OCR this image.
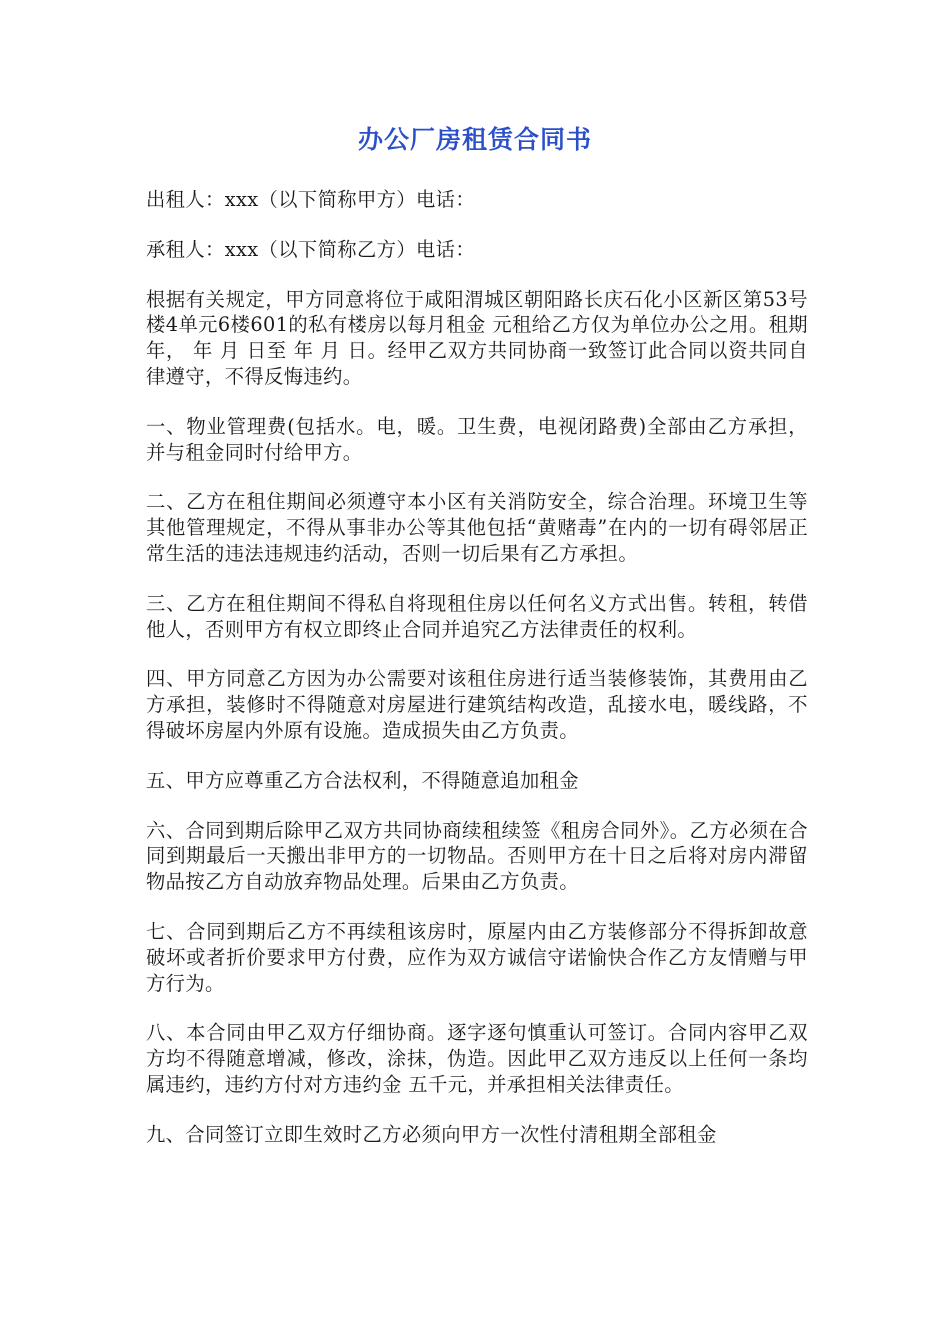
办公厂房租赁合同书

出租人：xxx（以下简称甲方）电话：

承租人：xxx（以下简称乙方）电话：

根据有关规定，甲方同意将位于咸阳渭城区朝阳路长庆石化小区新区第53号楼4单元6楼601的私有楼房以每月租金 元租给乙方仅为单位办公之用。租期 年， 年 月 日至 年 月 日。经甲乙双方共同协商一致签订此合同以资共同自律遵守，不得反悔违约。

一、物业管理费(包括水。电，暖。卫生费，电视闭路费)全部由乙方承担，并与租金同时付给甲方。

二、乙方在租住期间必须遵守本小区有关消防安全，综合治理。环境卫生等其他管理规定，不得从事非办公等其他包括“黄赌毒”在内的一切有碍邻居正常生活的违法违规违约活动，否则一切后果有乙方承担。

三、乙方在租住期间不得私自将现租住房以任何名义方式出售。转租，转借他人，否则甲方有权立即终止合同并追究乙方法律责任的权利。

四、甲方同意乙方因为办公需要对该租住房进行适当装修装饰，其费用由乙方承担，装修时不得随意对房屋进行建筑结构改造，乱接水电，暖线路，不得破坏房屋内外原有设施。造成损失由乙方负责。

五、甲方应尊重乙方合法权利，不得随意追加租金

六、合同到期后除甲乙双方共同协商续租续签《租房合同外》。乙方必须在合同到期最后一天搬出非甲方的一切物品。否则甲方在十日之后将对房内滞留物品按乙方自动放弃物品处理。后果由乙方负责。

七、合同到期后乙方不再续租该房时，原屋内由乙方装修部分不得拆卸故意破坏或者折价要求甲方付费，应作为双方诚信守诺愉快合作乙方友情赠与甲方行为。

八、本合同由甲乙双方仔细协商。逐字逐句慎重认可签订。合同内容甲乙双方均不得随意增减，修改，涂抹，伪造。因此甲乙双方违反以上任何一条均属违约，违约方付对方违约金 五千元，并承担相关法律责任。

九、合同签订立即生效时乙方必须向甲方一次性付清租期全部租金
